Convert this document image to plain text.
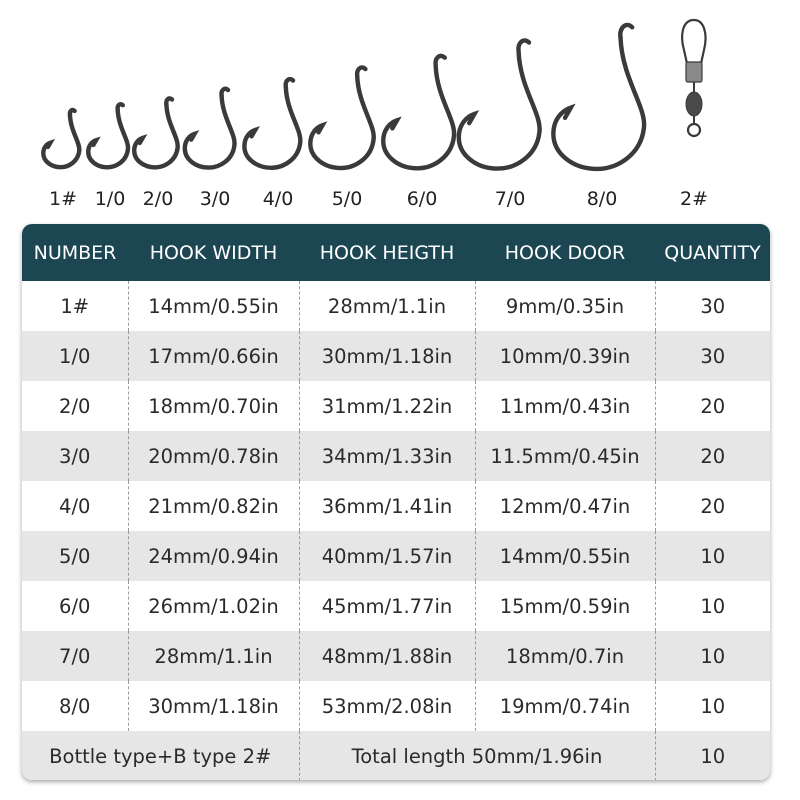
NUMBER	HOOK WIDTH	HOOK HEIGTH	HOOK DOOR	QUANTITY
1#	14mm/0.55in	28mm/1.1in	9mm/0.35in	30
1/0	17mm/0.66in	30mm/1.18in	10mm/0.39in	30
2/0	18mm/0.70in	31mm/1.22in	11mm/0.43in	20
3/0	20mm/0.78in	34mm/1.33in	11.5mm/0.45in	20
4/0	21mm/0.82in	36mm/1.41in	12mm/0.47in	20
5/0	24mm/0.94in	40mm/1.57in	14mm/0.55in	10
6/0	26mm/1.02in	45mm/1.77in	15mm/0.59in	10
7/0	28mm/1.1in	48mm/1.88in	18mm/0.7in	10
8/0	30mm/1.18in	53mm/2.08in	19mm/0.74in	10
Bottle type+B type 2#		Total length 50mm/1.96in		10
1# 1/0 2/0 3/0 4/0 5/0 6/0	7/0	8/0	2#
